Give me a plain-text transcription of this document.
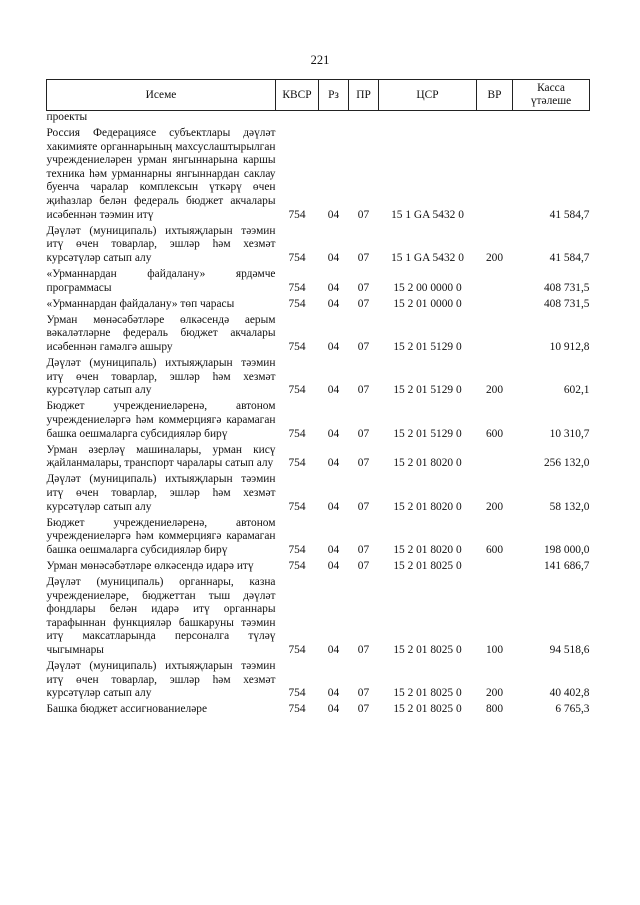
221
Исеме	КВСР	Рз	ПР	ЦСР	ВР	Касса
үтәлеше

проекты						
Россия Федерациясе субъектлары дәүләт хакимияте органнарының махсуслаштырылган учреждениеләрен урман янгыннарына каршы техника һәм урманнарны янгыннардан саклау буенча чаралар комплексын үткәрү өчен җиһазлар белән федераль бюджет акчалары исәбеннән тәэмин итү	754	04	07	15 1 GA 5432 0		41 584,7
Дәүләт (муниципаль) ихтыяҗларын тәэмин итү өчен товарлар, эшләр һәм хезмәт курсәтүләр сатып алу	754	04	07	15 1 GA 5432 0	200	41 584,7
«Урманнардан файдалану» ярдәмче программасы	754	04	07	15 2 00 0000 0		408 731,5
«Урманнардан файдалану» төп чарасы	754	04	07	15 2 01 0000 0		408 731,5
Урман мөнәсәбәтләре өлкәсендә аерым вәкаләтләрне федераль бюджет акчалары исәбеннән гамәлгә ашыру	754	04	07	15 2 01 5129 0		10 912,8
Дәүләт (муниципаль) ихтыяҗларын тәэмин итү өчен товарлар, эшләр һәм хезмәт курсәтүләр сатып алу	754	04	07	15 2 01 5129 0	200	602,1
Бюджет учреждениеләренә, автоном учреждениеләргә һәм коммерциягә карамаган башка оешмаларга субсидияләр бирү	754	04	07	15 2 01 5129 0	600	10 310,7
Урман әзерләү машиналары, урман кисү җайланмалары, транспорт чаралары сатып алу	754	04	07	15 2 01 8020 0		256 132,0
Дәүләт (муниципаль) ихтыяҗларын тәэмин итү өчен товарлар, эшләр һәм хезмәт курсәтүләр сатып алу	754	04	07	15 2 01 8020 0	200	58 132,0
Бюджет учреждениеләренә, автоном учреждениеләргә һәм коммерциягә карамаган башка оешмаларга субсидияләр бирү	754	04	07	15 2 01 8020 0	600	198 000,0
Урман мөнәсәбәтләре өлкәсендә идарә итү	754	04	07	15 2 01 8025 0		141 686,7
Дәүләт (муниципаль) органнары, казна учреждениеләре, бюджеттан тыш дәүләт фондлары белән идарә итү органнары тарафыннан функцияләр башкаруны тәэмин итү максатларында персоналга түләү чыгымнары	754	04	07	15 2 01 8025 0	100	94 518,6
Дәүләт (муниципаль) ихтыяҗларын тәэмин итү өчен товарлар, эшләр һәм хезмәт курсәтүләр сатып алу	754	04	07	15 2 01 8025 0	200	40 402,8
Башка бюджет ассигнованиеләре	754	04	07	15 2 01 8025 0	800	6 765,3
